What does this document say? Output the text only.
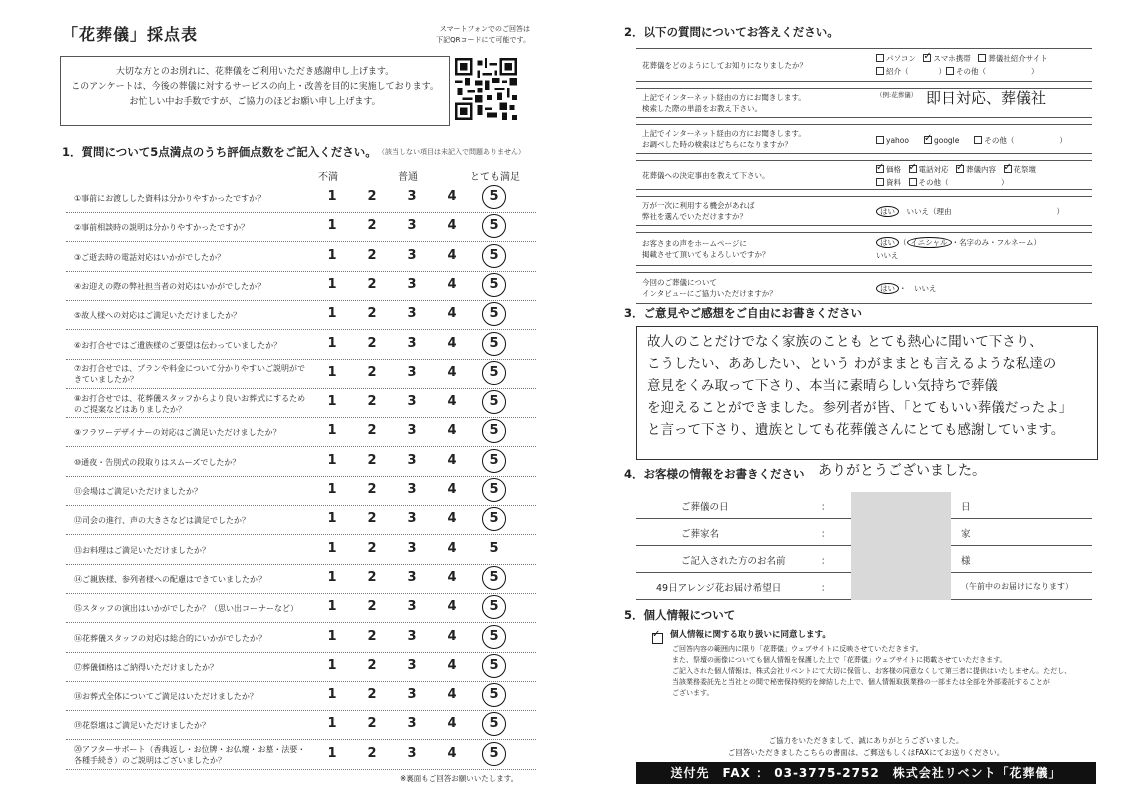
「花葬儀」採点表	スマートフォンでのご回答は
下記QRコードにて可能です。
大切な方とのお別れに、花葬儀をご利用いただき感謝申し上げます。
このアンケートは、今後の葬儀に対するサービスの向上・改善を目的に実施しております。
お忙しい中お手数ですが、ご協力のほどお願い申し上げます。
1．質問について5点満点のうち評価点数をご記入ください。 （該当しない項目は未記入で問題ありません）
不満	普通	とても満足
①事前にお渡しした資料は分かりやすかったですか？	1 2 3 4	5
②事前相談時の説明は分かりやすかったですか？	1 2 3 4	5
③ご逝去時の電話対応はいかがでしたか？	1 2 3 4	5
④お迎えの際の弊社担当者の対応はいかがでしたか？	1 2 3 4	5
⑤故人様への対応はご満足いただけましたか？	1 2 3 4	5
⑥お打合せではご遺族様のご要望は伝わっていましたか？	1 2 3 4	5
⑦お打合せでは、プランや料金について分かりやすいご説明ができていましたか？	1 2 3 4	5
⑧お打合せでは、花葬儀スタッフからより良いお葬式にするためのご提案などはありましたか？	1 2 3 4	5
⑨フラワーデザイナーの対応はご満足いただけましたか？	1 2 3 4	5
⑩通夜・告別式の段取りはスムーズでしたか？	1 2 3 4	5
⑪会場はご満足いただけましたか？	1 2 3 4	5
⑫司会の進行、声の大きさなどは満足でしたか？	1 2 3 4	5
⑬お料理はご満足いただけましたか？	1 2 3 4	5
⑭ご親族様、参列者様への配慮はできていましたか？	1 2 3 4	5
⑮スタッフの演出はいかがでしたか？（思い出コーナーなど）	1 2 3 4	5
⑯花葬儀スタッフの対応は総合的にいかがでしたか？	1 2 3 4	5
⑰葬儀価格はご納得いただけましたか？	1 2 3 4	5
⑱お葬式全体についてご満足はいただけましたか？	1 2 3 4	5
⑲花祭壇はご満足いただけましたか？	1 2 3 4	5
⑳アフターサポート（香典返し・お位牌・お仏壇・お墓・法要・各種手続き）のご説明はございましたか？	1 2 3 4	5
※裏面もご回答お願いいたします。
2．以下の質問についてお答えください。
花葬儀をどのようにしてお知りになりましたか？
パソコン　 ✓ スマホ携帯　 葬儀社紹介サイト
紹介（　　　　	） その他（　　　　　　	）
上記でインターネット経由の方にお聞きします。
検索した際の単語をお教え下さい。
（例:花葬儀） 即日対応、葬儀社
上記でインターネット経由の方にお聞きします。
お調べした時の検索はどちらになりますか？	yahoo　　 ✓	google　　	その他（　　　　　　	）
花葬儀への決定事由を教えて下さい。
✓価格　 ✓ 電話対応　 ✓ 葬儀内容　 ✓ 花祭壇
資料　 その他（　　　　　　　	）
万が一次に利用する機会があれば
弊社を選んでいただけますか？
はい　 いいえ（理由　　　　　　　　　　　　　　	）
お客さまの声をホームページに
掲載させて頂いてもよろしいですか？
はい （ イニシャル ・名字のみ・フルネーム）
いいえ
今回のご葬儀について
インタビューにご協力いただけますか？
はい ・　 いいえ
3．ご意見やご感想をご自由にお書きください
故人のことだけでなく家族のことも とても熱心に聞いて下さり、
こうしたい、ああしたい、という わがままとも言えるような私達の
意見をくみ取って下さり、本当に素晴らしい気持ちで葬儀
を迎えることができました。参列者が皆、「とてもいい葬儀だったよ」
と言って下さり、遺族としても花葬儀さんにとても感謝しています。
4．お客様の情報をお書きください ありがとうございました。
ご葬儀の日	：	日
ご葬家名	：	家
ご記入された方のお名前	：	様
49日アレンジ花お届け希望日	：	（午前中のお届けになります）
5．個人情報について
✓
個人情報に関する取り扱いに同意します。
ご回答内容の範囲内に限り「花葬儀」ウェブサイトに反映させていただきます。
また、祭壇の画像についても個人情報を保護した上で「花葬儀」ウェブサイトに掲載させていただきます。
ご記入された個人情報は、株式会社リベントにて大切に保管し、お客様の同意なくして第三者に提供はいたしません。ただし、
当該業務委託先と当社との間で秘密保持契約を締結した上で、個人情報取扱業務の一部または全部を外部委託することが
ございます。
ご協力をいただきまして、誠にありがとうございました。
ご回答いただきましたこちらの書面は、ご郵送もしくはFAXにてお送りください。
送付先　FAX ： 03-3775-2752　株式会社リベント「花葬儀」
